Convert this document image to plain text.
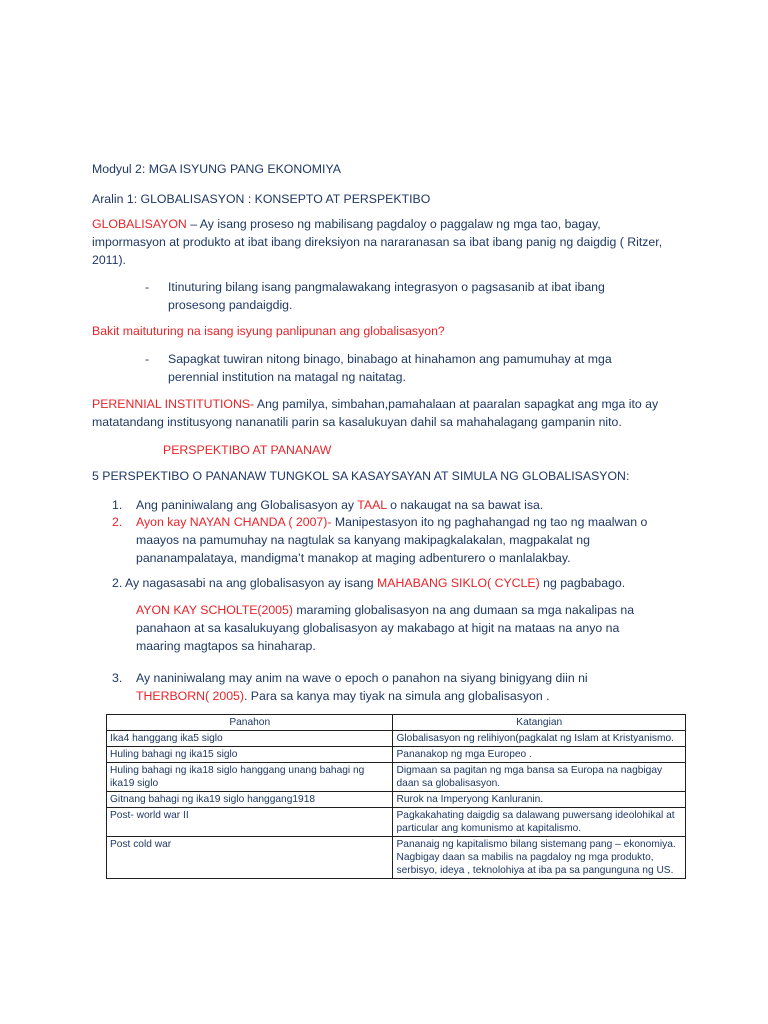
Modyul 2: MGA ISYUNG PANG EKONOMIYA
Aralin 1: GLOBALISASYON : KONSEPTO AT PERSPEKTIBO
GLOBALISAYON – Ay isang proseso ng mabilisang pagdaloy o paggalaw ng mga tao, bagay,
impormasyon at produkto at ibat ibang direksiyon na nararanasan sa ibat ibang panig ng daigdig ( Ritzer,
2011).
- Itinuturing bilang isang pangmalawakang integrasyon o pagsasanib at ibat ibang
prosesong pandaigdig.
Bakit maituturing na isang isyung panlipunan ang globalisasyon?
- Sapagkat tuwiran nitong binago, binabago at hinahamon ang pamumuhay at mga
perennial institution na matagal ng naitatag.
PERENNIAL INSTITUTIONS- Ang pamilya, simbahan,pamahalaan at paaralan sapagkat ang mga ito ay
matatandang institusyong nananatili parin sa kasalukuyan dahil sa mahahalagang gampanin nito.
PERSPEKTIBO AT PANANAW
5 PERSPEKTIBO O PANANAW TUNGKOL SA KASAYSAYAN AT SIMULA NG GLOBALISASYON:
1. Ang paniniwalang ang Globalisasyon ay TAAL o nakaugat na sa bawat isa.
2. Ayon kay NAYAN CHANDA ( 2007)- Manipestasyon ito ng paghahangad ng tao ng maalwan o
maayos na pamumuhay na nagtulak sa kanyang makipagkalakalan, magpakalat ng
pananampalataya, mandigma’t manakop at maging adbenturero o manlalakbay.
2. Ay nagasasabi na ang globalisasyon ay isang MAHABANG SIKLO( CYCLE) ng pagbabago.
AYON KAY SCHOLTE(2005) maraming globalisasyon na ang dumaan sa mga nakalipas na
panahaon at sa kasalukuyang globalisasyon ay makabago at higit na mataas na anyo na
maaring magtapos sa hinaharap.
3. Ay naniniwalang may anim na wave o epoch o panahon na siyang binigyang diin ni
THERBORN( 2005). Para sa kanya may tiyak na simula ang globalisasyon .
Panahon	Katangian
Ika4 hanggang ika5 siglo	Globalisasyon ng relihiyon(pagkalat ng Islam at Kristyanismo.
Huling bahagi ng ika15 siglo	Pananakop ng mga Europeo .
Huling bahagi ng ika18 siglo hanggang unang bahagi ng ika19 siglo	Digmaan sa pagitan ng mga bansa sa Europa na nagbigay daan sa globalisasyon.
Gitnang bahagi ng ika19 siglo hanggang1918	Rurok na Imperyong Kanluranin.
Post- world war II	Pagkakahating daigdig sa dalawang puwersang ideolohikal at particular ang komunismo at kapitalismo.
Post cold war	Pananaig ng kapitalismo bilang sistemang pang – ekonomiya. Nagbigay daan sa mabilis na pagdaloy ng mga produkto, serbisyo, ideya , teknolohiya at iba pa sa pangunguna ng US.
